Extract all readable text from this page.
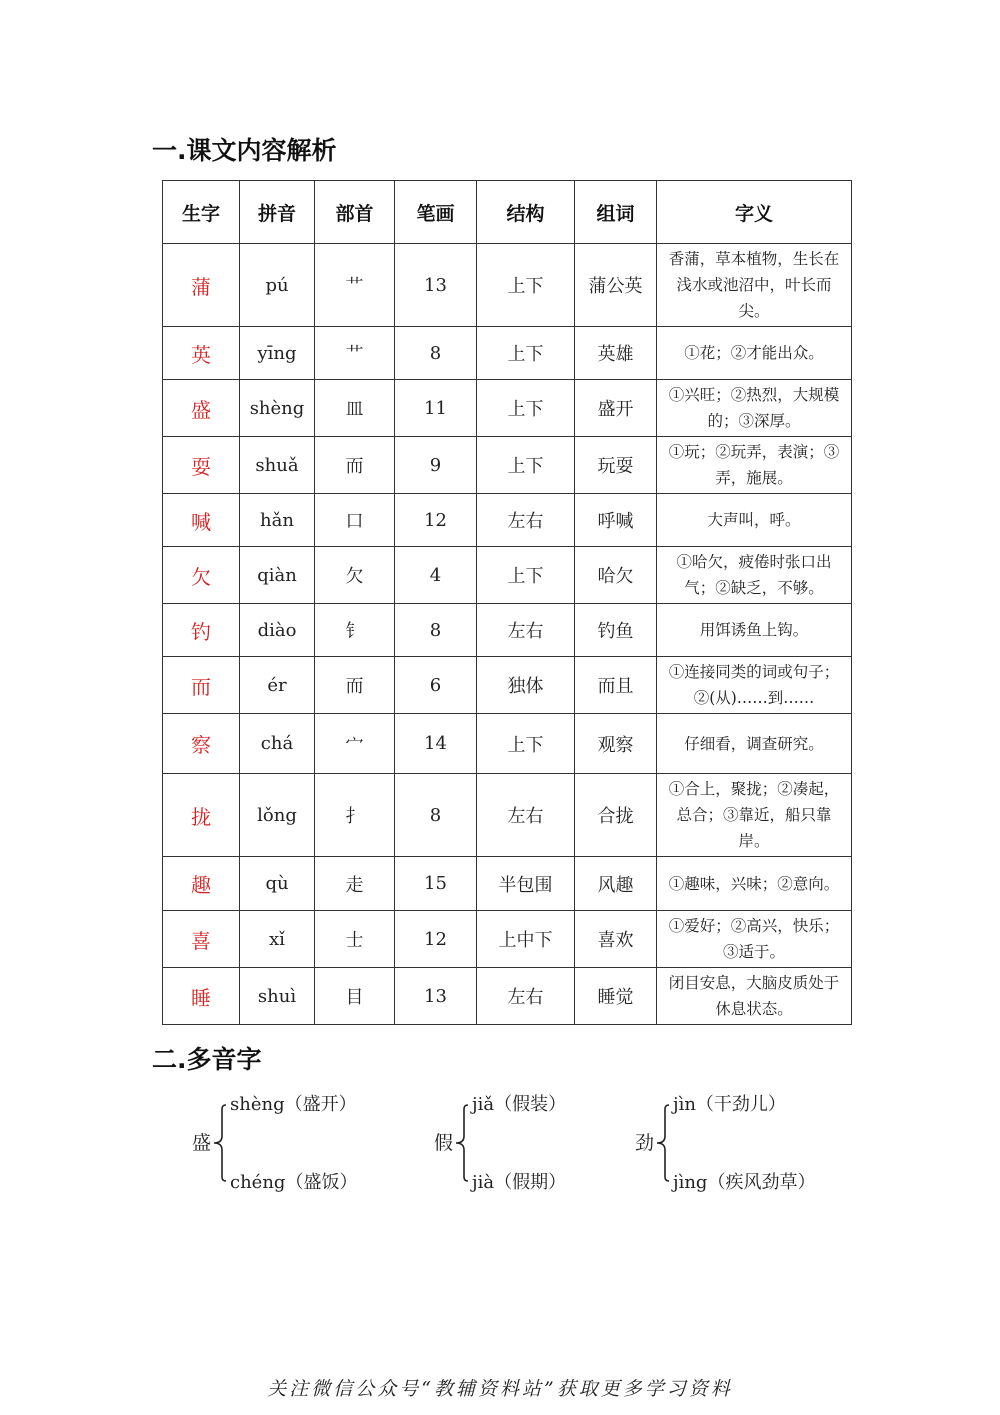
一.课文内容解析
生字	拼音	部首	笔画	结构	组词	字义
蒲	pú	艹	13	上下	蒲公英	香蒲，草本植物，生长在浅水或池沼中，叶长而尖。
英	yīng	艹	8	上下	英雄	①花；②才能出众。
盛	shèng	皿	11	上下	盛开	①兴旺；②热烈，大规模的；③深厚。
耍	shuǎ	而	9	上下	玩耍	①玩；②玩弄，表演；③弄，施展。
喊	hǎn	口	12	左右	呼喊	大声叫，呼。
欠	qiàn	欠	4	上下	哈欠	①哈欠，疲倦时张口出气；②缺乏，不够。
钓	diào	钅	8	左右	钓鱼	用饵诱鱼上钩。
而	ér	而	6	独体	而且	①连接同类的词或句子；②(从)……到……
察	chá	宀	14	上下	观察	仔细看，调查研究。
拢	lǒng	扌	8	左右	合拢	①合上，聚拢；②凑起，总合；③靠近，船只靠岸。
趣	qù	走	15	半包围	风趣	①趣味，兴味；②意向。
喜	xǐ	士	12	上中下	喜欢	①爱好；②高兴，快乐；③适于。
睡	shuì	目	13	左右	睡觉	闭目安息，大脑皮质处于休息状态。
二.多音字
盛
shèng（盛开）
chéng（盛饭）
假
jiǎ（假装）
jià（假期）
劲
jìn（干劲儿）
jìng（疾风劲草）
关注微信公众号“教辅资料站”获取更多学习资料
